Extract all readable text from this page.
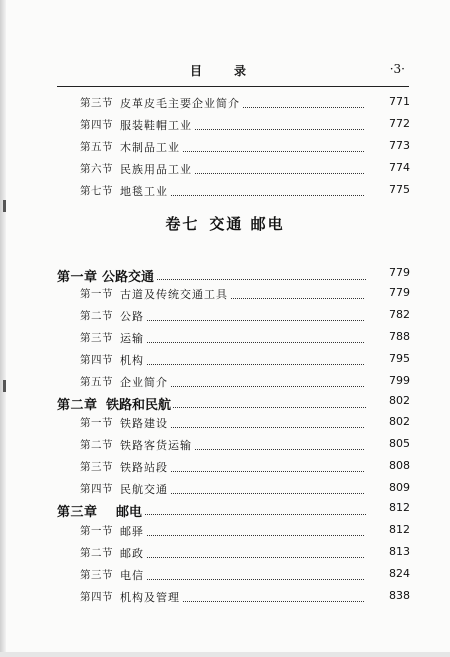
目　录	·3·
第三节 皮革皮毛主要企业简介	771
第四节 服装鞋帽工业	772
第五节 木制品工业	773
第六节 民族用品工业	774
第七节 地毯工业	775
卷七 交通 邮电
第一章 公路交通	779
第一节 古道及传统交通工具	779
第二节 公路	782
第三节 运输	788
第四节 机构	795
第五节 企业简介	799
第二章 铁路和民航	802
第一节 铁路建设	802
第二节 铁路客货运输	805
第三节 铁路站段	808
第四节 民航交通	809
第三章 邮电	812
第一节 邮驿	812
第二节 邮政	813
第三节 电信	824
第四节 机构及管理	838
